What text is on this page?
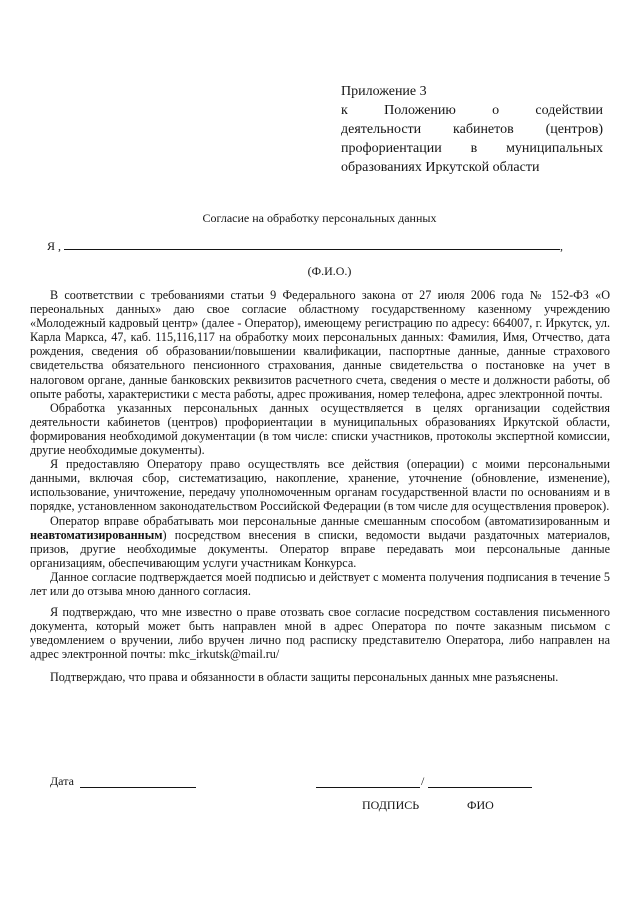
Приложение 3
к Положению о содействии
деятельности кабинетов (центров)
профориентации в муниципальных
образованиях Иркутской области
Согласие на обработку персональных данных
Я ,	,
(Ф.И.О.)

В соответствии с требованиями статьи 9 Федерального закона от 27 июля 2006 года № 152-ФЗ «О переональных данных» даю свое согласие областному государственному казенному учреждению «Молодежный кадровый центр» (далее - Оператор), имеющему регистрацию по адресу: 664007, г. Иркутск, ул. Карла Маркса, 47, каб. 115,116,117 на обработку моих персональных данных: Фамилия, Имя, Отчество, дата рождения, сведения об образовании/повышении квалификации, паспортные данные, данные страхового свидетельства обязательного пенсионного страхования, данные свидетельства о постановке на учет в налоговом органе, данные банковских реквизитов расчетного счета, сведения о месте и должности работы, об опыте работы, характеристики с места работы, адрес проживания, номер телефона, адрес электронной почты.

Обработка указанных персональных данных осуществляется в целях организации содействия деятельности кабинетов (центров) профориентации в муниципальных образованиях Иркутской области, формирования необходимой документации (в том числе: списки участников, протоколы экспертной комиссии, другие необходимые документы).

Я предоставляю Оператору право осуществлять все действия (операции) с моими персональными данными, включая сбор, систематизацию, накопление, хранение, уточнение (обновление, изменение), использование, уничтожение, передачу уполномоченным органам государственной власти по основаниям и в порядке, установленном законодательством Российской Федерации (в том числе для осуществления проверок).

Оператор вправе обрабатывать мои персональные данные смешанным способом (автоматизированным и неавтоматизированным) посредством внесения в списки, ведомости выдачи раздаточных материалов, призов, другие необходимые документы. Оператор вправе передавать мои персональные данные организациям, обеспечивающим услуги участникам Конкурса.

Данное согласие подтверждается моей подписью и действует с момента получения подписания в течение 5 лет или до отзыва мною данного согласия.

Я подтверждаю, что мне известно о праве отозвать свое согласие посредством составления письменного документа, который может быть направлен мной в адрес Оператора по почте заказным письмом с уведомлением о вручении, либо вручен лично под расписку представителю Оператора, либо направлен на адрес электронной почты: mkc_irkutsk@mail.ru/

Подтверждаю, что права и обязанности в области защиты персональных данных мне разъяснены.

Дата	/
ПОДПИСЬ	ФИО
